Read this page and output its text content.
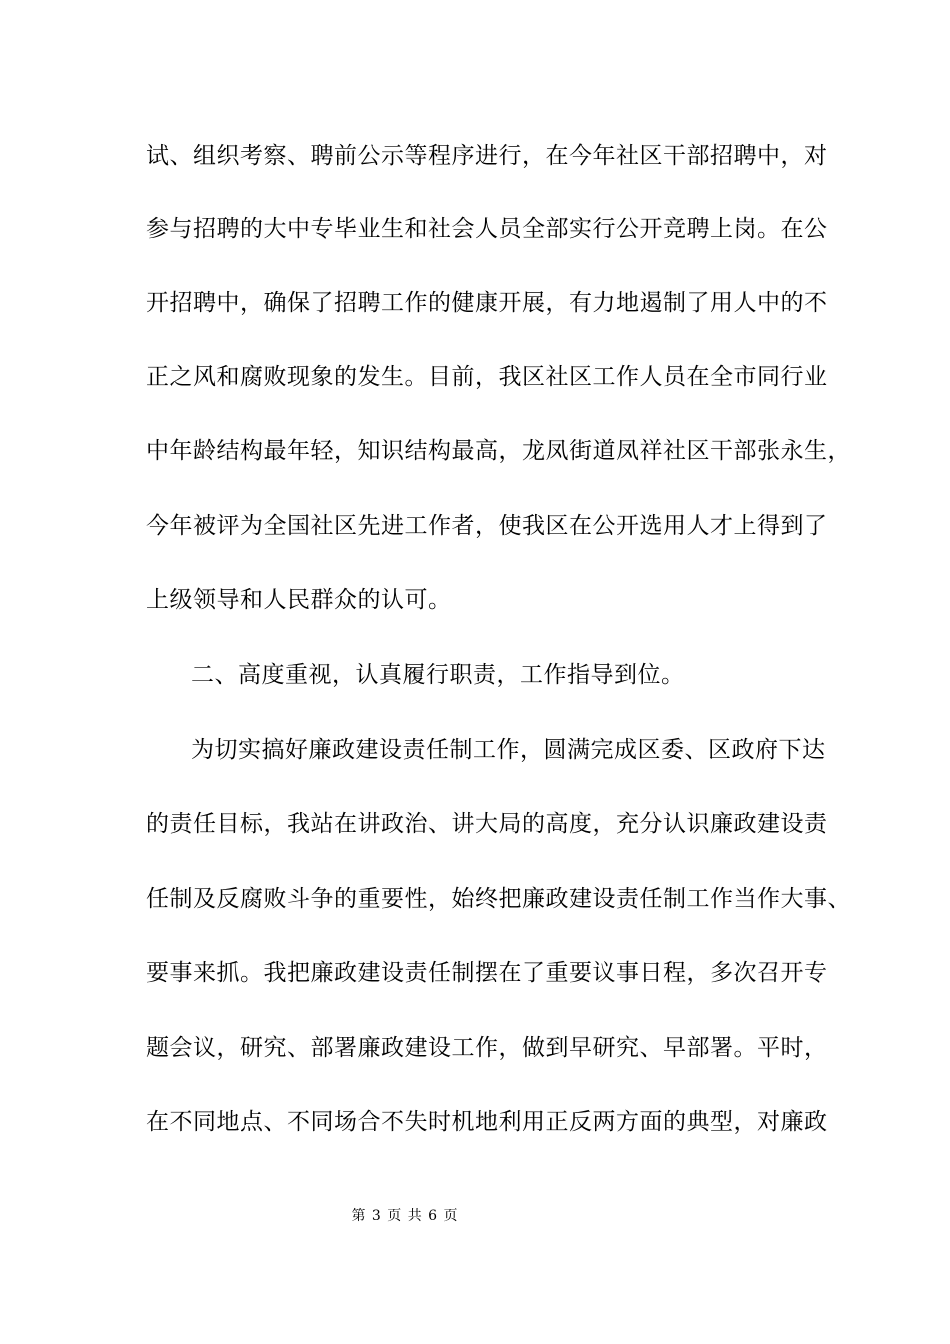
试、组织考察、聘前公示等程序进行，在今年社区干部招聘中，对
参与招聘的大中专毕业生和社会人员全部实行公开竞聘上岗。在公
开招聘中，确保了招聘工作的健康开展，有力地遏制了用人中的不
正之风和腐败现象的发生。目前，我区社区工作人员在全市同行业
中年龄结构最年轻，知识结构最高，龙凤街道凤祥社区干部张永生，
今年被评为全国社区先进工作者，使我区在公开选用人才上得到了
上级领导和人民群众的认可。
二、高度重视，认真履行职责，工作指导到位。
为切实搞好廉政建设责任制工作，圆满完成区委、区政府下达
的责任目标，我站在讲政治、讲大局的高度，充分认识廉政建设责
任制及反腐败斗争的重要性，始终把廉政建设责任制工作当作大事、
要事来抓。我把廉政建设责任制摆在了重要议事日程，多次召开专
题会议，研究、部署廉政建设工作，做到早研究、早部署。平时，
在不同地点、不同场合不失时机地利用正反两方面的典型，对廉政
第 3 页 共 6 页
